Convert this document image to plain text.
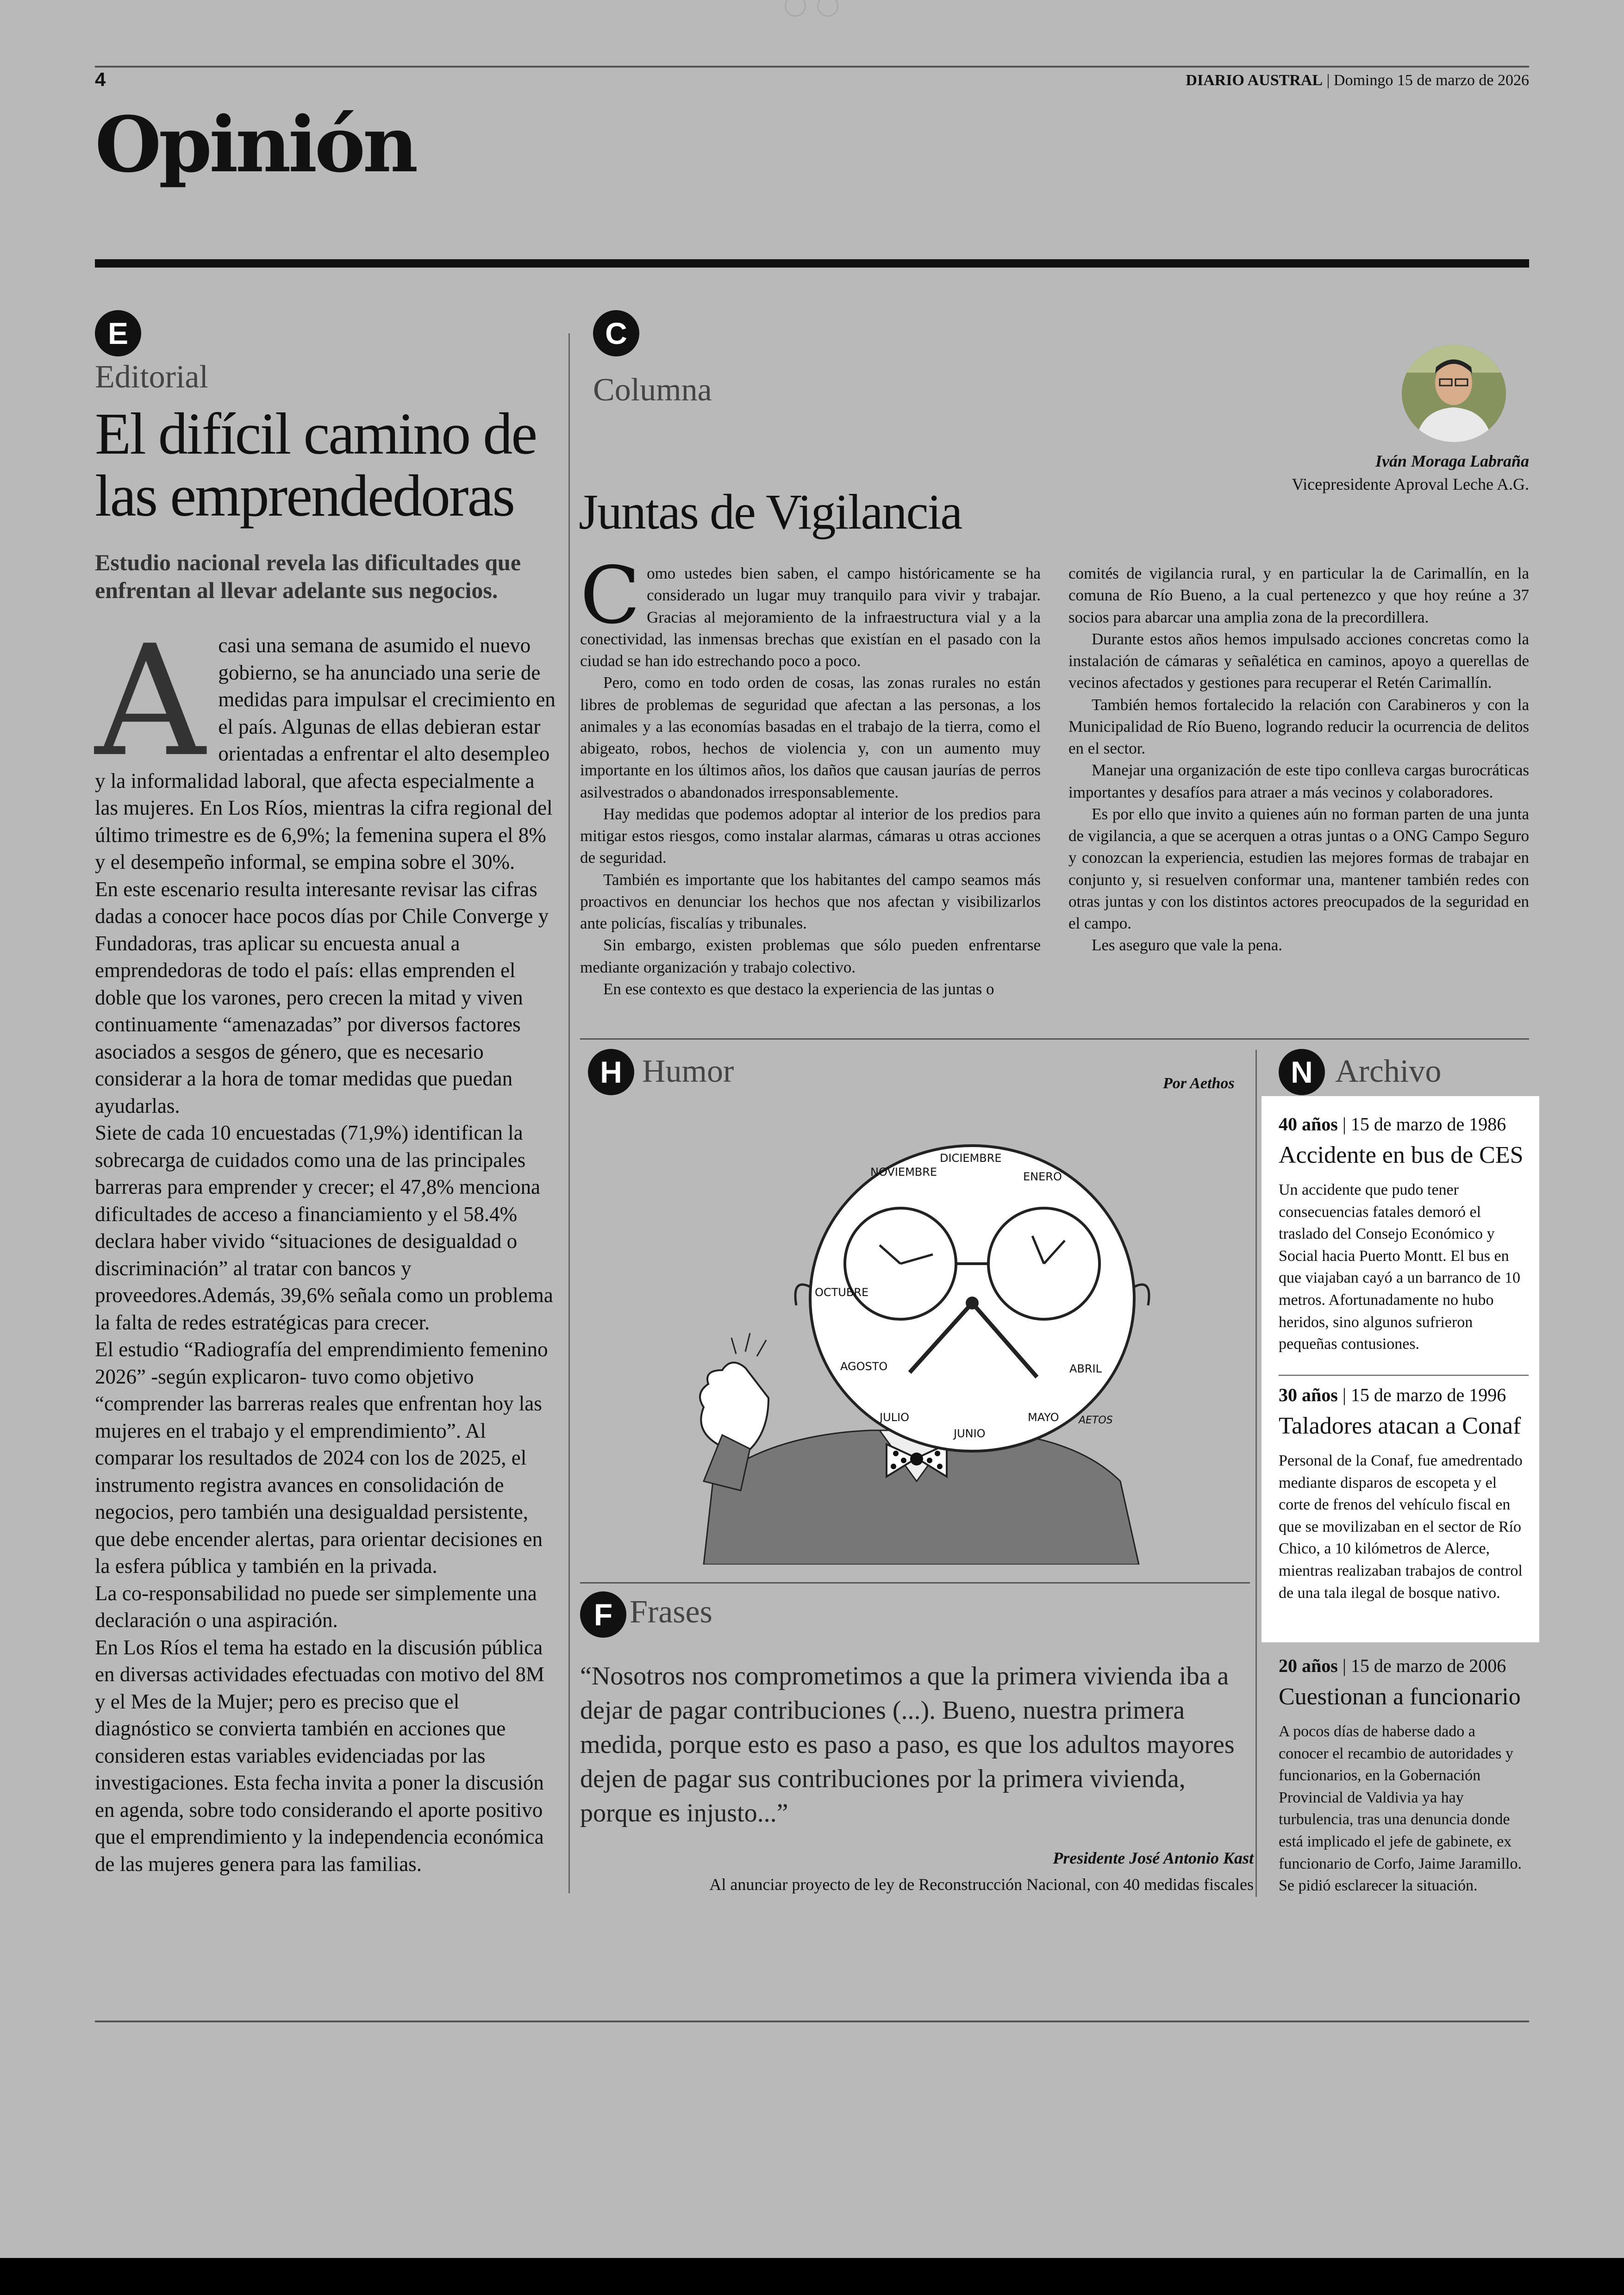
4	DIARIO AUSTRAL | Domingo 15 de marzo de 2026
Opinión
E
Editorial
El difícil camino de
las emprendedoras
Estudio nacional revela las dificultades que enfrentan al llevar adelante sus negocios.
A casi una semana de asumido el nuevo gobierno, se ha anunciado una serie de medidas para impulsar el crecimiento en el país. Algunas de ellas debieran estar orientadas a enfrentar el alto desempleo y la informalidad laboral, que afecta especialmente a las mujeres. En Los Ríos, mientras la cifra regional del último trimestre es de 6,9%; la femenina supera el 8% y el desempeño informal, se empina sobre el 30%.

En este escenario resulta interesante revisar las cifras dadas a conocer hace pocos días por Chile Converge y Fundadoras, tras aplicar su encuesta anual a emprendedoras de todo el país: ellas emprenden el doble que los varones, pero crecen la mitad y viven continuamente “amenazadas” por diversos factores asociados a sesgos de género, que es necesario considerar a la hora de tomar medidas que puedan ayudarlas.

Siete de cada 10 encuestadas (71,9%) identifican la sobrecarga de cuidados como una de las principales barreras para emprender y crecer; el 47,8% menciona dificultades de acceso a financiamiento y el 58.4% declara haber vivido “situaciones de desigualdad o discriminación” al tratar con bancos y proveedores.Además, 39,6% señala como un problema la falta de redes estratégicas para crecer.

El estudio “Radiografía del emprendimiento femenino 2026” -según explicaron- tuvo como objetivo “comprender las barreras reales que enfrentan hoy las mujeres en el trabajo y el emprendimiento”. Al comparar los resultados de 2024 con los de 2025, el instrumento registra avances en consolidación de negocios, pero también una desigualdad persistente, que debe encender alertas, para orientar decisiones en la esfera pública y también en la privada.

La co-responsabilidad no puede ser simplemente una declaración o una aspiración.

En Los Ríos el tema ha estado en la discusión pública en diversas actividades efectuadas con motivo del 8M y el Mes de la Mujer; pero es preciso que el diagnóstico se convierta también en acciones que consideren estas variables evidenciadas por las investigaciones. Esta fecha invita a poner la discusión en agenda, sobre todo considerando el aporte positivo que el emprendimiento y la independencia económica de las mujeres genera para las familias.

C
Columna
Iván Moraga Labraña
Vicepresidente Aproval Leche A.G.
Juntas de Vigilancia
C omo ustedes bien saben, el campo históricamente se ha considerado un lugar muy tranquilo para vivir y trabajar. Gracias al mejoramiento de la infraestructura vial y a la conectividad, las inmensas brechas que existían en el pasado con la ciudad se han ido estrechando poco a poco.

Pero, como en todo orden de cosas, las zonas rurales no están libres de problemas de seguridad que afectan a las personas, a los animales y a las economías basadas en el trabajo de la tierra, como el abigeato, robos, hechos de violencia y, con un aumento muy importante en los últimos años, los daños que causan jaurías de perros asilvestrados o abandonados irresponsablemente.

Hay medidas que podemos adoptar al interior de los predios para mitigar estos riesgos, como instalar alarmas, cámaras u otras acciones de seguridad.

También es importante que los habitantes del campo seamos más proactivos en denunciar los hechos que nos afectan y visibilizarlos ante policías, fiscalías y tribunales.

Sin embargo, existen problemas que sólo pueden enfrentarse mediante organización y trabajo colectivo.

En ese contexto es que destaco la experiencia de las juntas o

comités de vigilancia rural, y en particular la de Carimallín, en la comuna de Río Bueno, a la cual pertenezco y que hoy reúne a 37 socios para abarcar una amplia zona de la precordillera.

Durante estos años hemos impulsado acciones concretas como la instalación de cámaras y señalética en caminos, apoyo a querellas de vecinos afectados y gestiones para recuperar el Retén Carimallín.

También hemos fortalecido la relación con Carabineros y con la Municipalidad de Río Bueno, logrando reducir la ocurrencia de delitos en el sector.

Manejar una organización de este tipo conlleva cargas burocráticas importantes y desafíos para atraer a más vecinos y colaboradores.

Es por ello que invito a quienes aún no forman parten de una junta de vigilancia, a que se acerquen a otras juntas o a ONG Campo Seguro y conozcan la experiencia, estudien las mejores formas de trabajar en conjunto y, si resuelven conformar una, mantener también redes con otras juntas y con los distintos actores preocupados de la seguridad en el campo.

Les aseguro que vale la pena.

H Humor	Por Aethos
DICIEMBRE
NOVIEMBRE	ENERO
OCTUBRE
AGOSTO	ABRIL
JULIO
JUNIO
MAYO AETOS
F Frases
“Nosotros nos comprometimos a que la primera vivienda iba a dejar de pagar contribuciones (...). Bueno, nuestra primera medida, porque esto es paso a paso, es que los adultos mayores dejen de pagar sus contribuciones por la primera vivienda, porque es injusto...”
Presidente José Antonio Kast
Al anunciar proyecto de ley de Reconstrucción Nacional, con 40 medidas fiscales
N Archivo
40 años | 15 de marzo de 1986
Accidente en bus de CES
Un accidente que pudo tener consecuencias fatales demoró el traslado del Consejo Económico y Social hacia Puerto Montt. El bus en que viajaban cayó a un barranco de 10 metros. Afortunadamente no hubo heridos, sino algunos sufrieron pequeñas contusiones.
30 años | 15 de marzo de 1996
Taladores atacan a Conaf
Personal de la Conaf, fue amedrentado mediante disparos de escopeta y el corte de frenos del vehículo fiscal en que se movilizaban en el sector de Río Chico, a 10 kilómetros de Alerce, mientras realizaban trabajos de control de una tala ilegal de bosque nativo.
20 años | 15 de marzo de 2006
Cuestionan a funcionario
A pocos días de haberse dado a conocer el recambio de autoridades y funcionarios, en la Gobernación Provincial de Valdivia ya hay turbulencia, tras una denuncia donde está implicado el jefe de gabinete, ex funcionario de Corfo, Jaime Jaramillo. Se pidió esclarecer la situación.
